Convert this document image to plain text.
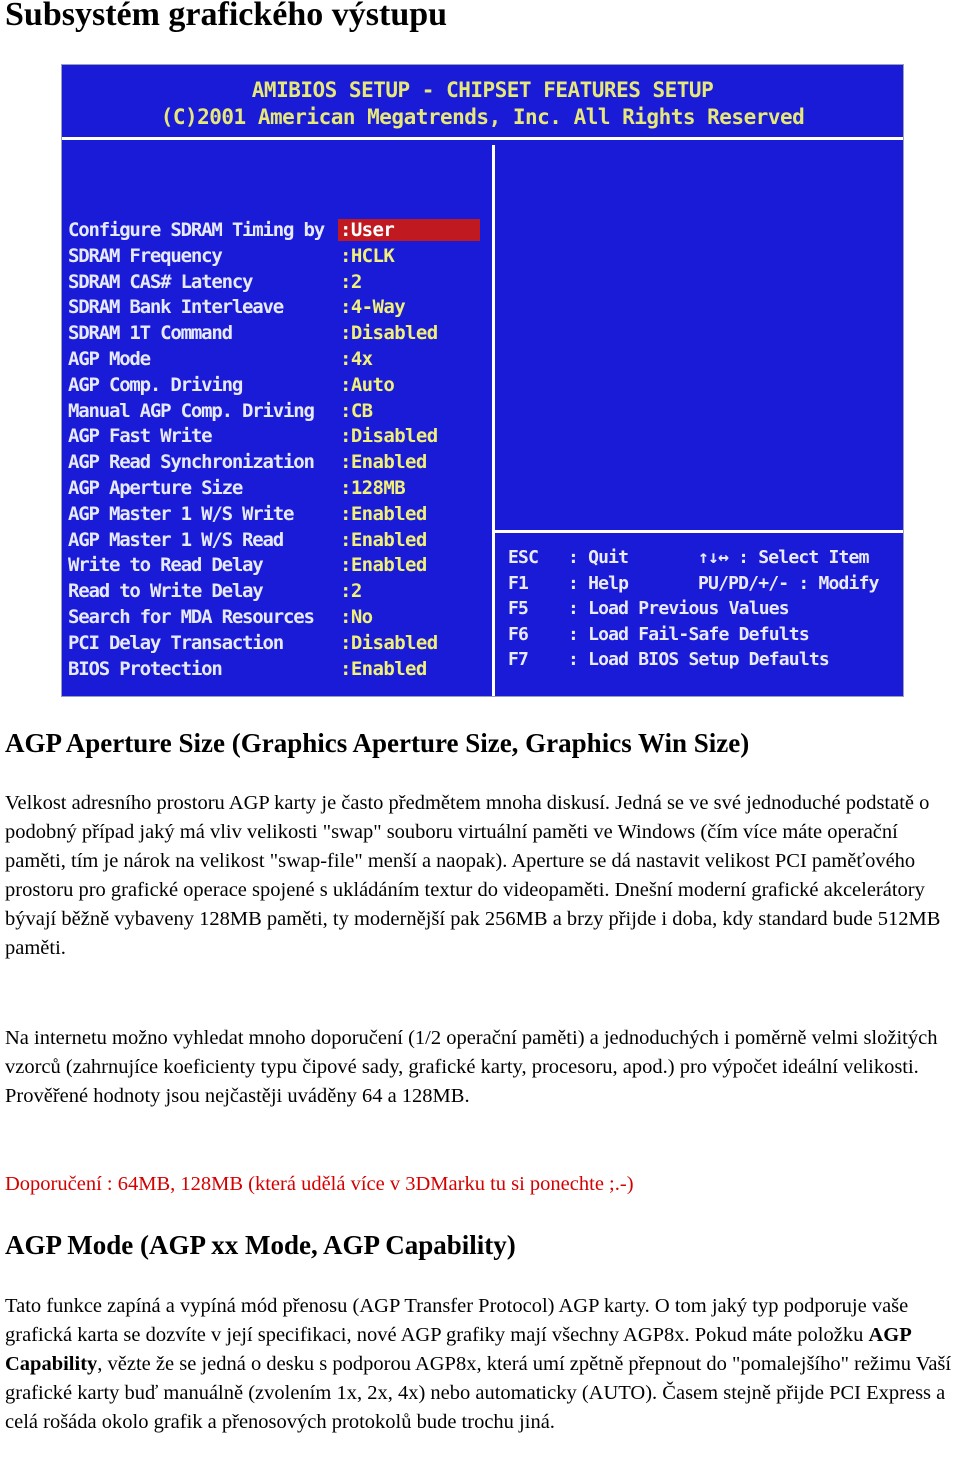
Subsystém grafického výstupu
AMIBIOS SETUP - CHIPSET FEATURES SETUP
(C)2001 American Megatrends, Inc. All Rights Reserved
Configure SDRAM Timing by :User
SDRAM Frequency	:HCLK
SDRAM CAS# Latency	:2
SDRAM Bank Interleave	:4-Way
SDRAM 1T Command	:Disabled
AGP Mode	:4x
AGP Comp. Driving	:Auto
Manual AGP Comp. Driving :CB
AGP Fast Write	:Disabled
AGP Read Synchronization :Enabled
AGP Aperture Size	:128MB
AGP Master 1 W/S Write :Enabled
AGP Master 1 W/S Read	:Enabled
Write to Read Delay	:Enabled
Read to Write Delay	:2
Search for MDA Resources :No
PCI Delay Transaction	:Disabled
BIOS Protection	:Enabled
ESC : Quit	↑↓↔ : Select Item
F1 : Help	PU/PD/+/- : Modify
F5 : Load Previous Values
F6 : Load Fail-Safe Defults
F7 : Load BIOS Setup Defaults
AGP Aperture Size (Graphics Aperture Size, Graphics Win Size)

Velkost adresního prostoru AGP karty je často předmětem mnoha diskusí. Jedná se ve své jednoduché podstatě o podobný případ jaký má vliv velikosti "swap" souboru virtuální paměti ve Windows (čím více máte operační paměti, tím je nárok na velikost "swap-file" menší a naopak). Aperture se dá nastavit velikost PCI paměťového prostoru pro grafické operace spojené s ukládáním textur do videopaměti. Dnešní moderní grafické akcelerátory bývají běžně vybaveny 128MB paměti, ty modernější pak 256MB a brzy přijde i doba, kdy standard bude 512MB paměti.

Na internetu možno vyhledat mnoho doporučení (1/2 operační paměti) a jednoduchých i poměrně velmi složitých vzorců (zahrnujíce koeficienty typu čipové sady, grafické karty, procesoru, apod.) pro výpočet ideální velikosti. Prověřené hodnoty jsou nejčastěji uváděny 64 a 128MB.

Doporučení : 64MB, 128MB (která udělá více v 3DMarku tu si ponechte ;.-)

AGP Mode (AGP xx Mode, AGP Capability)

Tato funkce zapíná a vypíná mód přenosu (AGP Transfer Protocol) AGP karty. O tom jaký typ podporuje vaše grafická karta se dozvíte v její specifikaci, nové AGP grafiky mají všechny AGP8x. Pokud máte položku AGP Capability, vězte že se jedná o desku s podporou AGP8x, která umí zpětně přepnout do "pomalejšího" režimu Vaší grafické karty buď manuálně (zvolením 1x, 2x, 4x) nebo automaticky (AUTO). Časem stejně přijde PCI Express a celá rošáda okolo grafik a přenosových protokolů bude trochu jiná.
